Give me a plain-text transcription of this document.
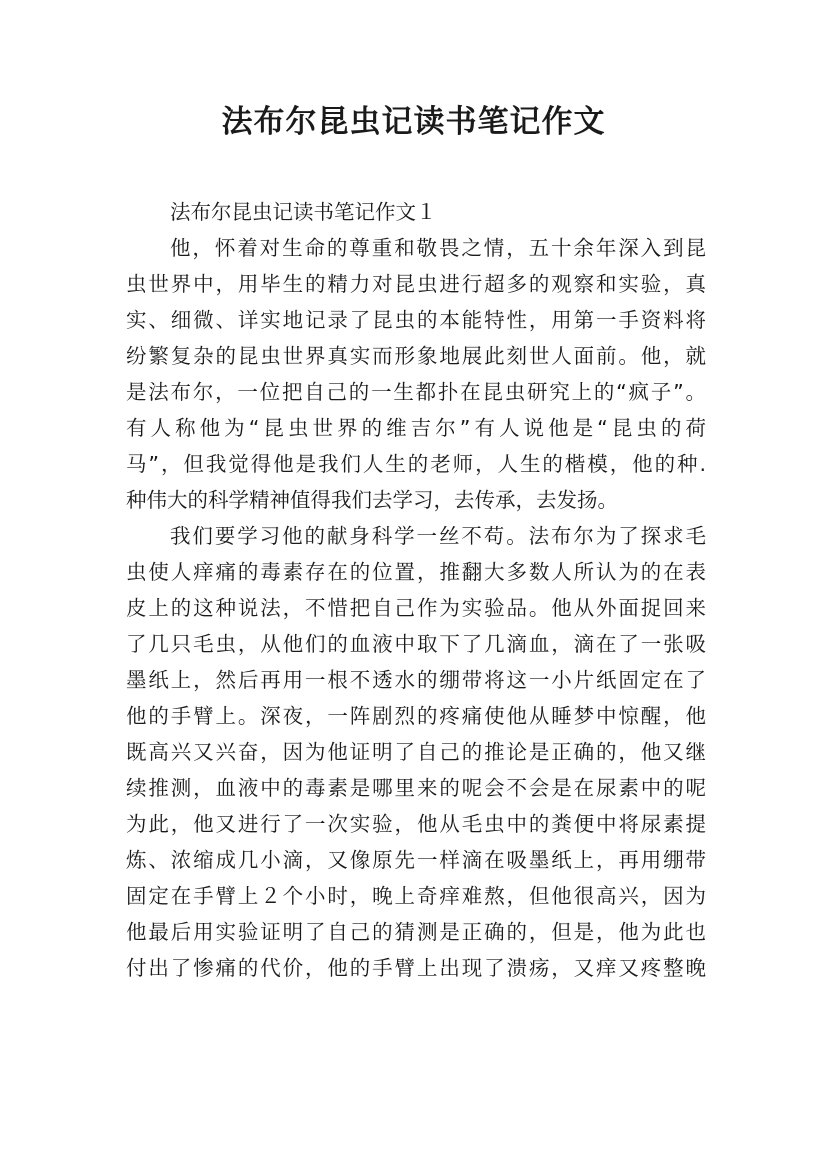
法布尔昆虫记读书笔记作文
法布尔昆虫记读书笔记作文１
他，怀着对生命的尊重和敬畏之情，五十余年深入到昆
虫世界中，用毕生的精力对昆虫进行超多的观察和实验，真
实、细微、详实地记录了昆虫的本能特性，用第一手资料将
纷繁复杂的昆虫世界真实而形象地展此刻世人面前。他，就
是法布尔，一位把自己的一生都扑在昆虫研究上的“疯子”。
有人称他为“昆虫世界的维吉尔”有人说他是“昆虫的荷
马”，但我觉得他是我们人生的老师，人生的楷模，他的种.
种伟大的科学精神值得我们去学习，去传承，去发扬。
我们要学习他的献身科学一丝不苟。法布尔为了探求毛
虫使人痒痛的毒素存在的位置，推翻大多数人所认为的在表
皮上的这种说法，不惜把自己作为实验品。他从外面捉回来
了几只毛虫，从他们的血液中取下了几滴血，滴在了一张吸
墨纸上，然后再用一根不透水的绷带将这一小片纸固定在了
他的手臂上。深夜，一阵剧烈的疼痛使他从睡梦中惊醒，他
既高兴又兴奋，因为他证明了自己的推论是正确的，他又继
续推测，血液中的毒素是哪里来的呢会不会是在尿素中的呢
为此，他又进行了一次实验，他从毛虫中的粪便中将尿素提
炼、浓缩成几小滴，又像原先一样滴在吸墨纸上，再用绷带
固定在手臂上２个小时，晚上奇痒难熬，但他很高兴，因为
他最后用实验证明了自己的猜测是正确的，但是，他为此也
付出了惨痛的代价，他的手臂上出现了溃疡，又痒又疼整晚
